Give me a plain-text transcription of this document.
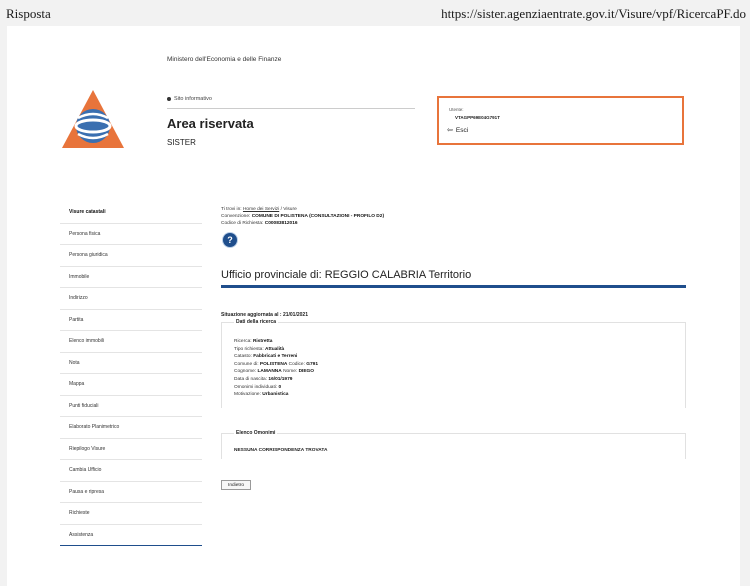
Risposta	https://sister.agenziaentrate.gov.it/Visure/vpf/RicercaPF.do
Ministero dell'Economia e delle Finanze
Sito informativo
Area riservata
SISTER
Utente:
VTAGPP69E04G791T
⇦ Esci
Visure catastali
Persona fisica
Persona giuridica
Immobile
Indirizzo
Partita
Elenco immobili
Nota
Mappa
Punti fiduciali
Elaborato Planimetrico
Riepilogo Visure
Cambia Ufficio
Pausa e ripresa
Richieste
Assistenza
Ti trovi in: Home dei Servizi / Visure
Convenzione: COMUNE DI POLISTENA (CONSULTAZIONI - PROFILO D2)
Codice di Richiesta: C00083812016
?
Ufficio provinciale di: REGGIO CALABRIA Territorio
Situazione aggiornata al : 21/01/2021
Dati della ricerca
Ricerca: Ristretta
Tipo richiesta: Attualità
Catasto: Fabbricati e Terreni
Comune di: POLISTENA Codice: G791
Cognome: LAMANNA Nome: DIEGO
Data di nascita: 16/01/1979
Omonimi individuati: 0
Motivazione: Urbanistica
Elenco Omonimi
NESSUNA CORRISPONDENZA TROVATA
Indietro
